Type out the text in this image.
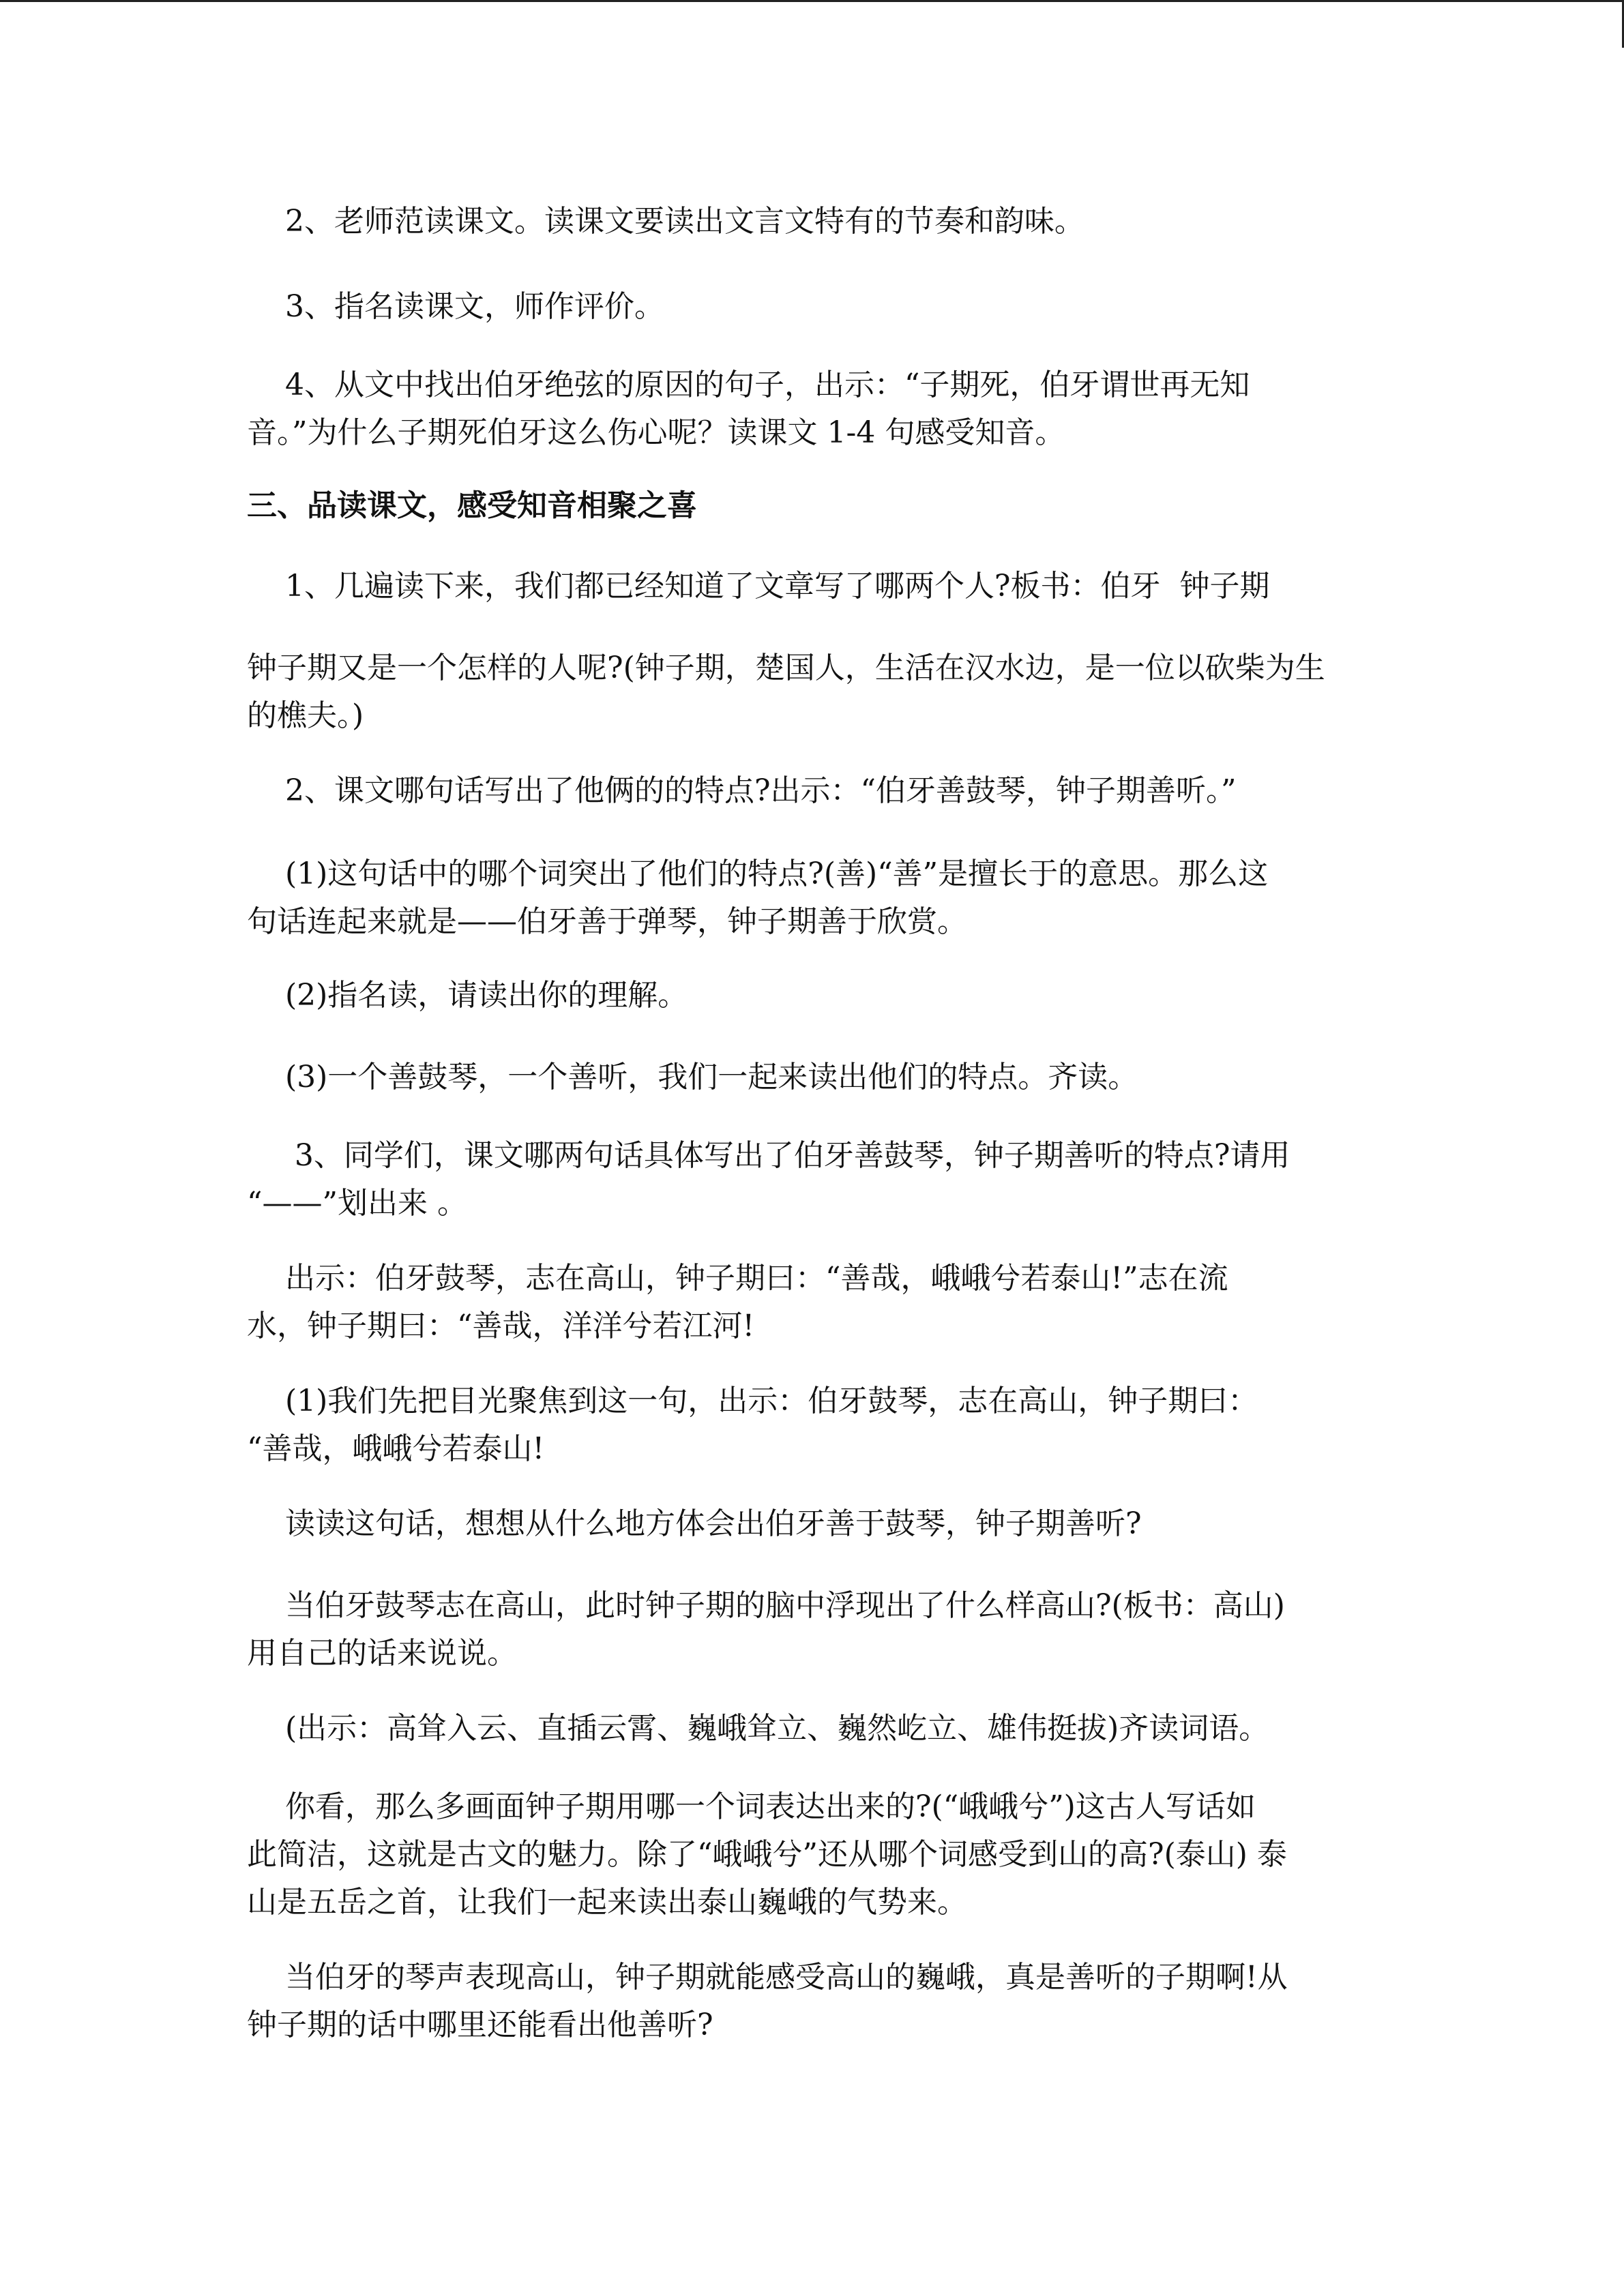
2、老师范读课文。读课文要读出文言文特有的节奏和韵味。
3、指名读课文，师作评价。
4、从文中找出伯牙绝弦的原因的句子，出示：“子期死，伯牙谓世再无知
音。”为什么子期死伯牙这么伤心呢？读课文 1-4 句感受知音。
三、品读课文，感受知音相聚之喜
1、几遍读下来，我们都已经知道了文章写了哪两个人?板书：伯牙  钟子期
钟子期又是一个怎样的人呢?(钟子期，楚国人，生活在汉水边，是一位以砍柴为生
的樵夫。)
2、课文哪句话写出了他俩的的特点?出示：“伯牙善鼓琴，钟子期善听。”
(1)这句话中的哪个词突出了他们的特点?(善)“善”是擅长于的意思。那么这
句话连起来就是——伯牙善于弹琴，钟子期善于欣赏。
(2)指名读，请读出你的理解。
(3)一个善鼓琴，一个善听，我们一起来读出他们的特点。齐读。
3、同学们，课文哪两句话具体写出了伯牙善鼓琴，钟子期善听的特点?请用
“——”划出来 。
出示：伯牙鼓琴，志在高山，钟子期曰：“善哉，峨峨兮若泰山!”志在流
水，钟子期曰：“善哉，洋洋兮若江河!
(1)我们先把目光聚焦到这一句，出示：伯牙鼓琴，志在高山，钟子期曰：
“善哉，峨峨兮若泰山!
读读这句话，想想从什么地方体会出伯牙善于鼓琴，钟子期善听?
当伯牙鼓琴志在高山，此时钟子期的脑中浮现出了什么样高山?(板书：高山)
用自己的话来说说。
(出示：高耸入云、直插云霄、巍峨耸立、巍然屹立、雄伟挺拔)齐读词语。
你看，那么多画面钟子期用哪一个词表达出来的?(“峨峨兮”)这古人写话如
此简洁，这就是古文的魅力。除了“峨峨兮”还从哪个词感受到山的高?(泰山) 泰
山是五岳之首，让我们一起来读出泰山巍峨的气势来。
当伯牙的琴声表现高山，钟子期就能感受高山的巍峨，真是善听的子期啊!从
钟子期的话中哪里还能看出他善听?
